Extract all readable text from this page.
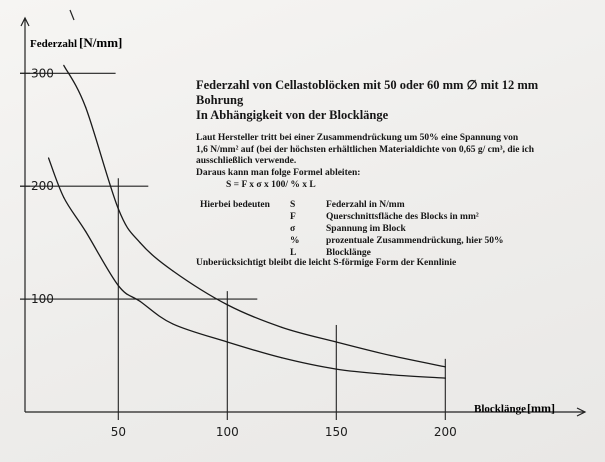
300
200
100
50	100	150	200
Federzahl [N/mm]
Blocklänge[mm]

Federzahl von Cellastoblöcken mit 50 oder 60 mm ∅ mit 12 mm Bohrung

In Abhängigkeit von der Blocklänge

Laut Hersteller tritt bei einer Zusammendrückung um 50% eine Spannung von

1,6 N/mm² auf (bei der höchsten erhältlichen Materialdichte von 0,65 g/ cm³, die ich

ausschließlich verwende.

Daraus kann man folge Formel ableiten:

S = F x σ x 100/ % x L
Hierbei bedeuten S	Federzahl in N/mm
F	Querschnittsfläche des Blocks in mm²
σ	Spannung im Block
%	prozentuale Zusammendrückung, hier 50%
L	Blocklänge
Unberücksichtigt bleibt die leicht S-förmige Form der Kennlinie
